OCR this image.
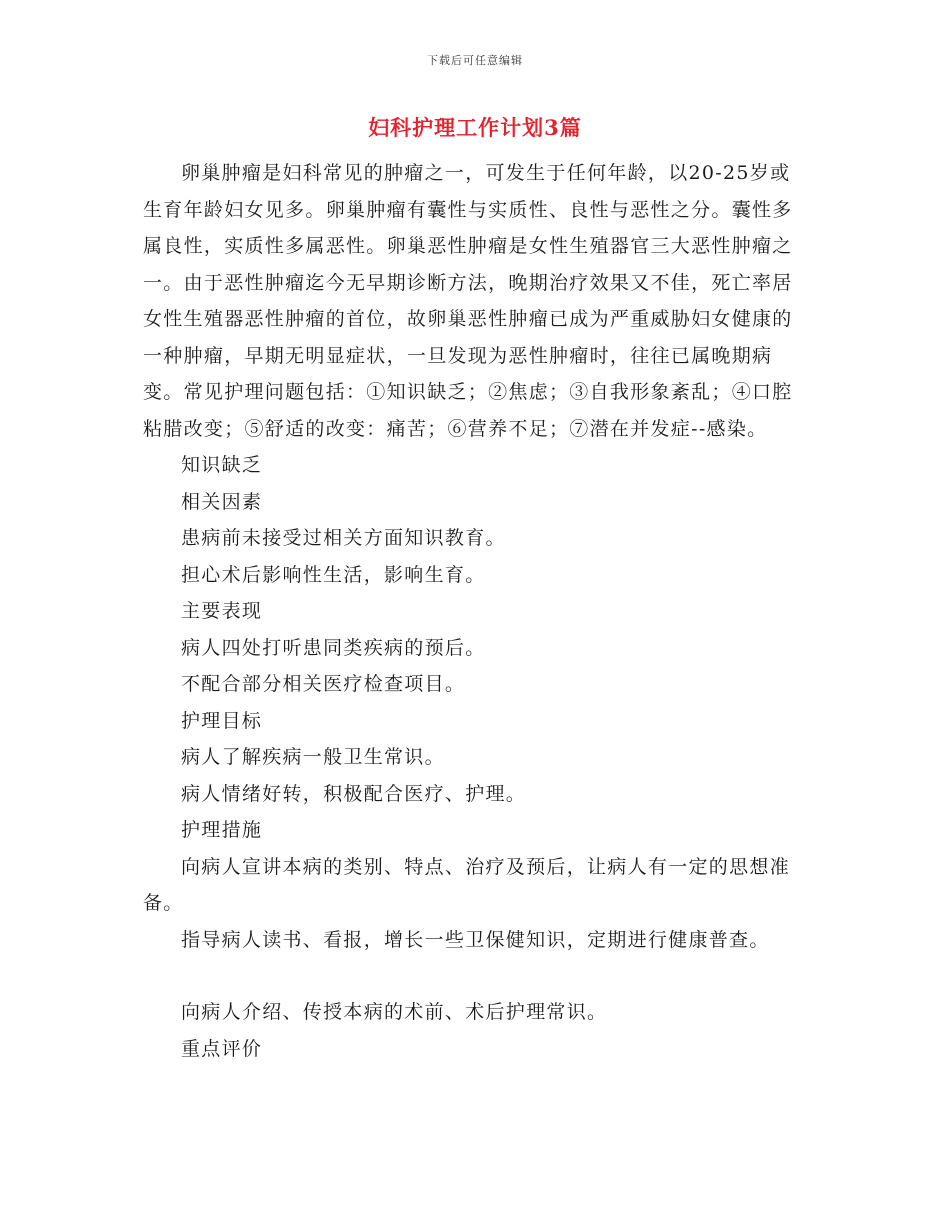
下载后可任意编辑
妇科护理工作计划3篇

卵巢肿瘤是妇科常见的肿瘤之一，可发生于任何年龄，以20-25岁或生育年龄妇女见多。卵巢肿瘤有囊性与实质性、良性与恶性之分。囊性多属良性，实质性多属恶性。卵巢恶性肿瘤是女性生殖器官三大恶性肿瘤之一。由于恶性肿瘤迄今无早期诊断方法，晚期治疗效果又不佳，死亡率居女性生殖器恶性肿瘤的首位，故卵巢恶性肿瘤已成为严重威胁妇女健康的一种肿瘤，早期无明显症状，一旦发现为恶性肿瘤时，往往已属晚期病变。常见护理问题包括：①知识缺乏；②焦虑；③自我形象紊乱；④口腔粘腊改变；⑤舒适的改变：痛苦；⑥营养不足；⑦潜在并发症--感染。

知识缺乏

相关因素

患病前未接受过相关方面知识教育。

担心术后影响性生活，影响生育。

主要表现

病人四处打听患同类疾病的预后。

不配合部分相关医疗检查项目。

护理目标

病人了解疾病一般卫生常识。

病人情绪好转，积极配合医疗、护理。

护理措施

向病人宣讲本病的类别、特点、治疗及预后，让病人有一定的思想准备。

指导病人读书、看报，增长一些卫保健知识，定期进行健康普查。

向病人介绍、传授本病的术前、术后护理常识。

重点评价
